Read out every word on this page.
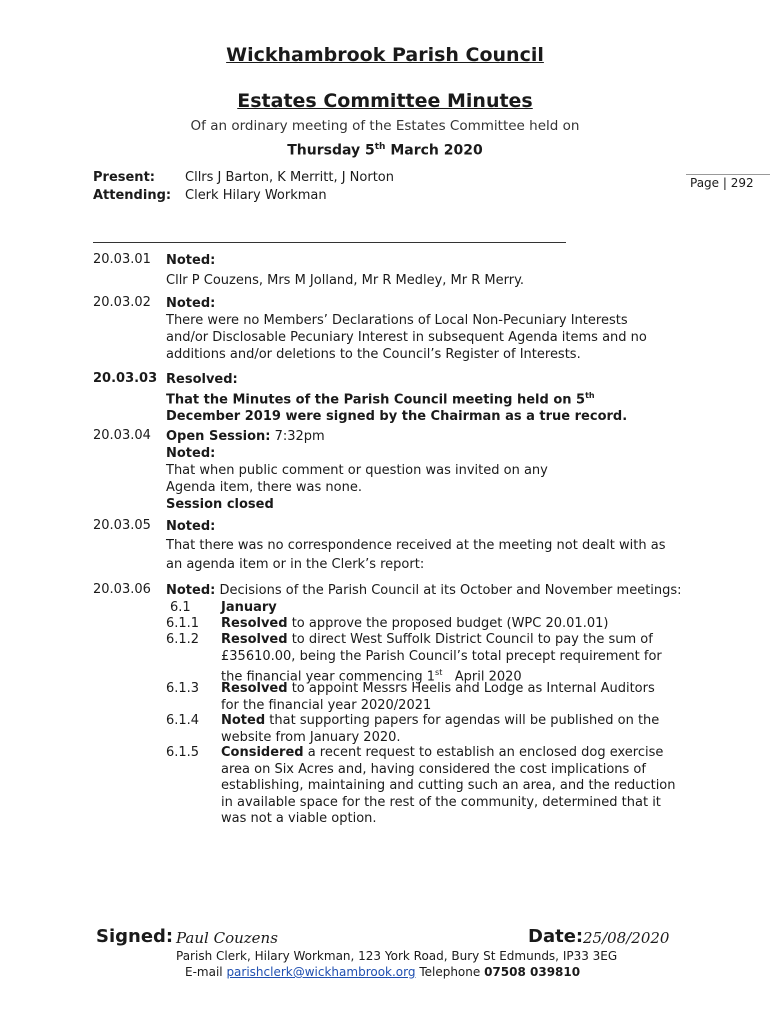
Wickhambrook Parish Council
Estates Committee Minutes
Of an ordinary meeting of the Estates Committee held on
Thursday 5th March 2020
Page | 292
Present: Cllrs J Barton, K Merritt, J Norton
Attending: Clerk Hilary Workman
20.03.01 Noted:
Cllr P Couzens, Mrs M Jolland, Mr R Medley, Mr R Merry.
20.03.02 Noted:
There were no Members’ Declarations of Local Non-Pecuniary Interests and/or Disclosable Pecuniary Interest in subsequent Agenda items and no additions and/or deletions to the Council’s Register of Interests.
20.03.03 Resolved:
That the Minutes of the Parish Council meeting held on 5th December 2019 were signed by the Chairman as a true record.
20.03.04 Open Session: 7:32pm
Noted:
That when public comment or question was invited on any Agenda item, there was none.
Session closed
20.03.05 Noted:
That there was no correspondence received at the meeting not dealt with as an agenda item or in the Clerk’s report:
20.03.06 Noted: Decisions of the Parish Council at its October and November meetings:
6.1 January
6.1.1 Resolved to approve the proposed budget (WPC 20.01.01)
6.1.2 Resolved to direct West Suffolk District Council to pay the sum of £35610.00, being the Parish Council’s total precept requirement for the financial year commencing 1st   April 2020
6.1.3 Resolved to appoint Messrs Heelis and Lodge as Internal Auditors for the financial year 2020/2021
6.1.4 Noted that supporting papers for agendas will be published on the website from January 2020.
6.1.5 Considered a recent request to establish an enclosed dog exercise area on Six Acres and, having considered the cost implications of establishing, maintaining and cutting such an area, and the reduction in available space for the rest of the community, determined that it was not a viable option.
Signed: Paul Couzens	Date: 25/08/2020
Parish Clerk, Hilary Workman, 123 York Road, Bury St Edmunds, IP33 3EG
E-mail parishclerk@wickhambrook.org Telephone 07508 039810
